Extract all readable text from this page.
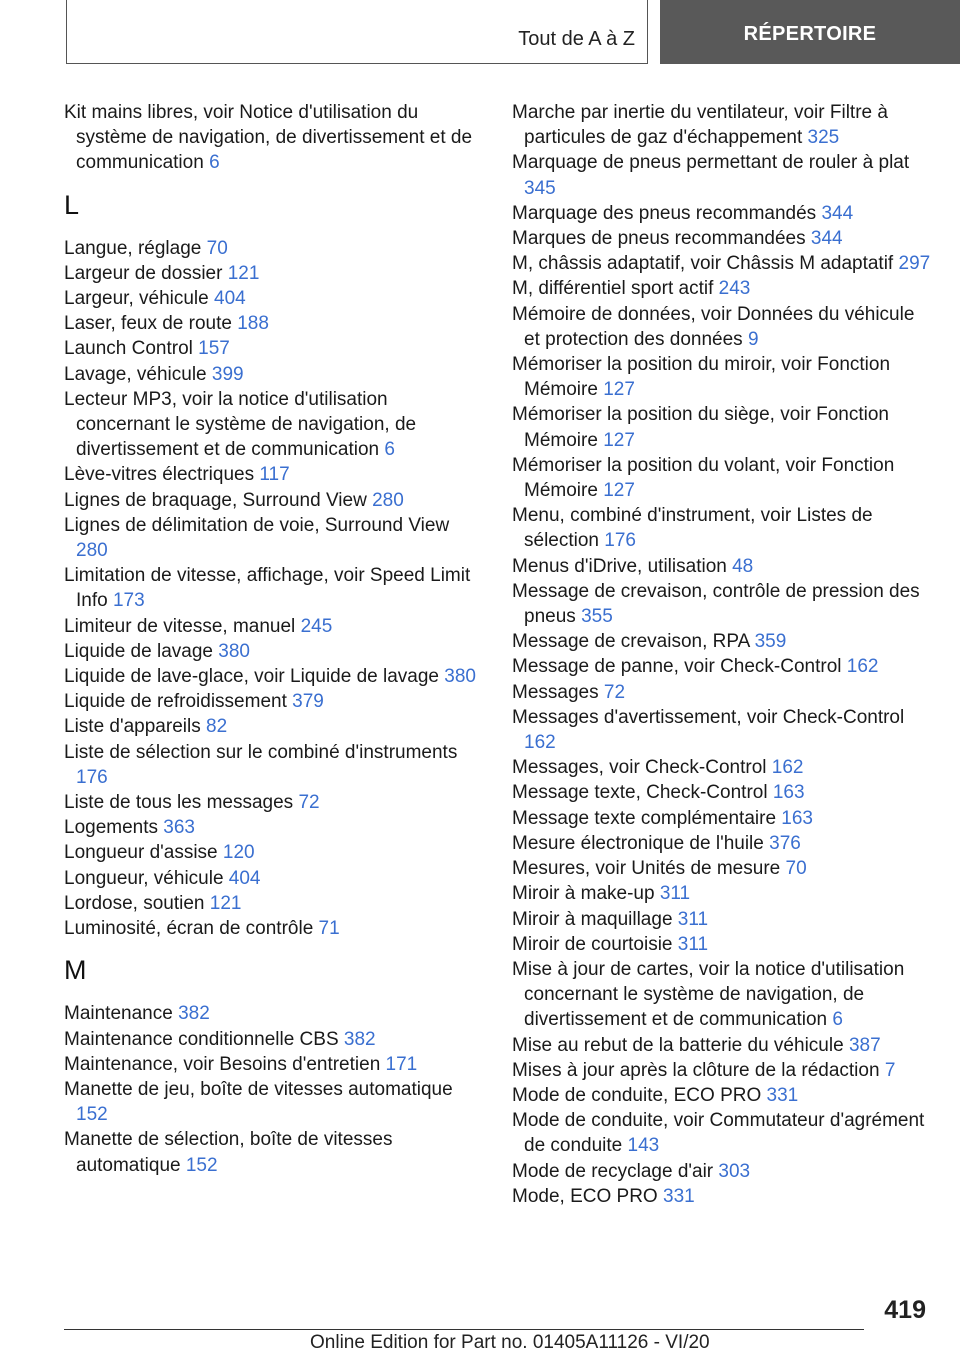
Tout de A à Z	RÉPERTOIRE
Kit mains libres, voir Notice d'utilisation du système de navigation, de divertissement et de communication 6
L
Langue, réglage 70
Largeur de dossier 121
Largeur, véhicule 404
Laser, feux de route 188
Launch Control 157
Lavage, véhicule 399
Lecteur MP3, voir la notice d'utilisation concernant le système de navigation, de divertissement et de communication 6
Lève-vitres électriques 117
Lignes de braquage, Surround View 280
Lignes de délimitation de voie, Surround View 280
Limitation de vitesse, affichage, voir Speed Limit Info 173
Limiteur de vitesse, manuel 245
Liquide de lavage 380
Liquide de lave-glace, voir Liquide de lavage 380
Liquide de refroidissement 379
Liste d'appareils 82
Liste de sélection sur le combiné d'instruments 176
Liste de tous les messages 72
Logements 363
Longueur d'assise 120
Longueur, véhicule 404
Lordose, soutien 121
Luminosité, écran de contrôle 71
M
Maintenance 382
Maintenance conditionnelle CBS 382
Maintenance, voir Besoins d'entretien 171
Manette de jeu, boîte de vitesses automatique 152
Manette de sélection, boîte de vitesses automatique 152
Marche par inertie du ventilateur, voir Filtre à particules de gaz d'échappement 325
Marquage de pneus permettant de rouler à plat 345
Marquage des pneus recommandés 344
Marques de pneus recommandées 344
M, châssis adaptatif, voir Châssis M adaptatif 297
M, différentiel sport actif 243
Mémoire de données, voir Données du véhicule et protection des données 9
Mémoriser la position du miroir, voir Fonction Mémoire 127
Mémoriser la position du siège, voir Fonction Mémoire 127
Mémoriser la position du volant, voir Fonction Mémoire 127
Menu, combiné d'instrument, voir Listes de sélection 176
Menus d'iDrive, utilisation 48
Message de crevaison, contrôle de pression des pneus 355
Message de crevaison, RPA 359
Message de panne, voir Check-Control 162
Messages 72
Messages d'avertissement, voir Check-Control 162
Messages, voir Check-Control 162
Message texte, Check-Control 163
Message texte complémentaire 163
Mesure électronique de l'huile 376
Mesures, voir Unités de mesure 70
Miroir à make-up 311
Miroir à maquillage 311
Miroir de courtoisie 311
Mise à jour de cartes, voir la notice d'utilisation concernant le système de navigation, de divertissement et de communication 6
Mise au rebut de la batterie du véhicule 387
Mises à jour après la clôture de la rédaction 7
Mode de conduite, ECO PRO 331
Mode de conduite, voir Commutateur d'agrément de conduite 143
Mode de recyclage d'air 303
Mode, ECO PRO 331
419
Online Edition for Part no. 01405A11126 - VI/20
